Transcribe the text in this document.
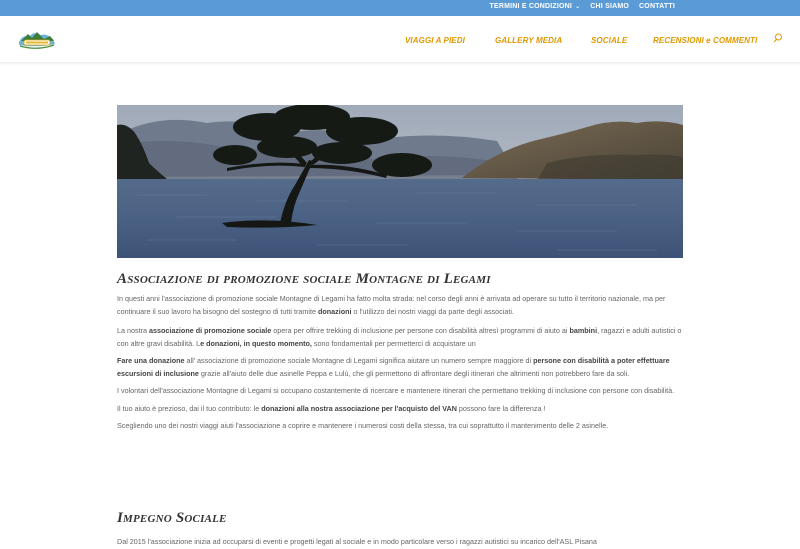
TERMINI E CONDIZIONI ⌄ CHI SIAMO CONTATTI
VIAGGI A PIEDI	GALLERY MEDIA	SOCIALE	RECENSIONI e COMMENTI
Associazione di promozione sociale Montagne di Legami

In questi anni l'associazione di promozione sociale Montagne di Legami ha fatto molta strada: nel corso degli anni è arrivata ad operare su tutto il territorio nazionale, ma per continuare il suo lavoro ha bisogno del sostegno di tutti tramite donazioni o l'utilizzo dei nostri viaggi da parte degli associati.

La nostra associazione di promozione sociale opera per offrire trekking di inclusione per persone con disabilità altresì programmi di aiuto ai bambini, ragazzi e adulti autistici o con altre gravi disabilità. Le donazioni, in questo momento, sono fondamentali per permetterci di acquistare un

Fare una donazione all' associazione di promozione sociale Montagne di Legami significa aiutare un numero sempre maggiore di persone con disabilità a poter effettuare escursioni di inclusione grazie all'aiuto delle due asinelle Peppa e Lulù, che gli permettono di affrontare degli itinerari che altrimenti non potrebbero fare da soli.

I volontari dell'associazione Montagne di Legami si occupano costantemente di ricercare e mantenere itinerari che permettano trekking di inclusione con persone con disabilità.

Il tuo aiuto è prezioso, dai il tuo contributo: le donazioni alla nostra associazione per l'acquisto del VAN possono fare la differenza !

Scegliendo uno dei nostri viaggi aiuti l'associazione a coprire e mantenere i numerosi costi della stessa, tra cui soprattutto il mantenimento delle 2 asinelle.

Impegno Sociale

Dal 2015 l'associazione inizia ad occuparsi di eventi e progetti legati al sociale e in modo particolare verso i ragazzi autistici su incarico dell'ASL Pisana
